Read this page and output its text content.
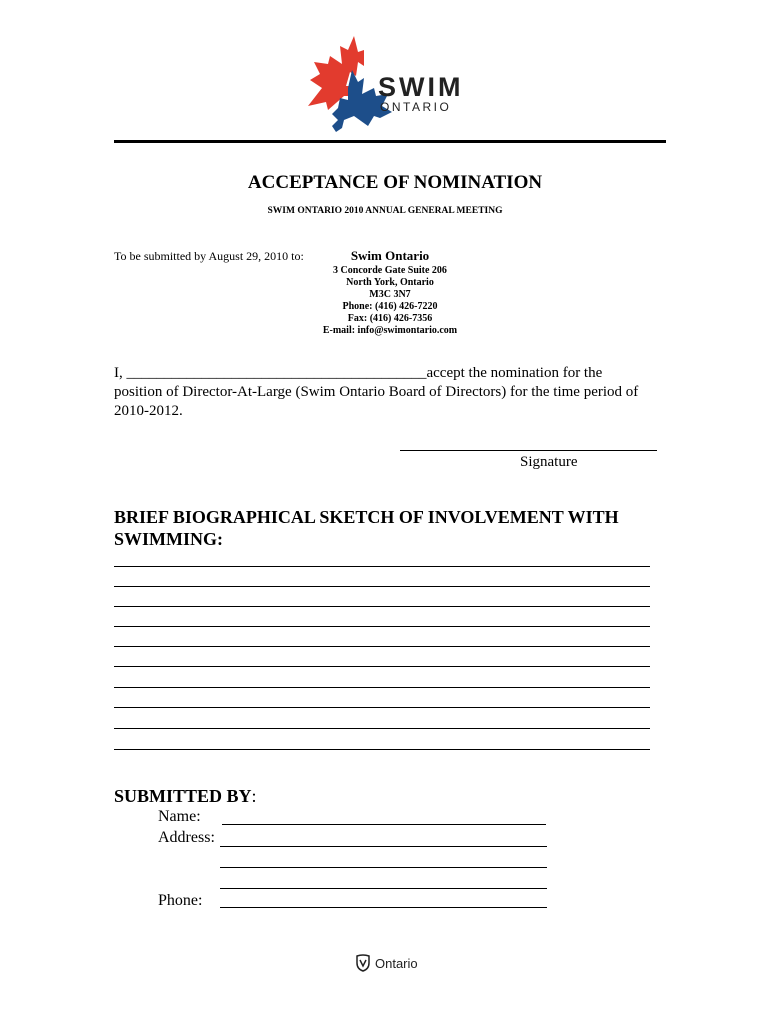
SWIM
ONTARIO
ACCEPTANCE OF NOMINATION
SWIM ONTARIO 2010 ANNUAL GENERAL MEETING
To be submitted by August 29, 2010 to:	Swim Ontario
3 Concorde Gate Suite 206
North York, Ontario
M3C 3N7
Phone: (416) 426-7220
Fax: (416) 426-7356
E-mail: info@swimontario.com
I, ________________________________________accept the nomination for the
position of Director-At-Large (Swim Ontario Board of Directors) for the time period of
2010-2012.
Signature
BRIEF BIOGRAPHICAL SKETCH OF INVOLVEMENT WITH
SWIMMING:
SUBMITTED BY:
Name:
Address:
Phone:
Ontario
